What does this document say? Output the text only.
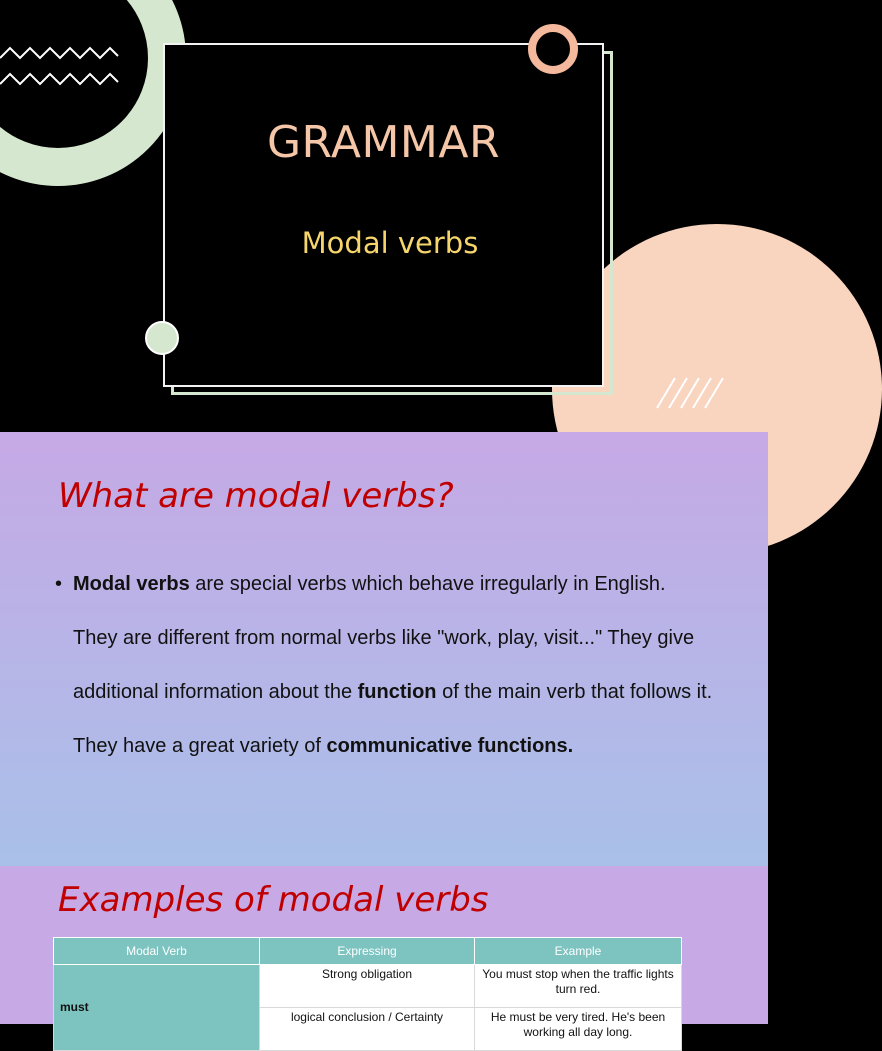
GRAMMAR
Modal verbs
What are modal verbs?
• Modal verbs are special verbs which behave irregularly in English. They are different from normal verbs like "work, play, visit..." They give additional information about the function of the main verb that follows it. They have a great variety of communicative functions.
Examples of modal verbs
Modal Verb	Expressing	Example
must	Strong obligation	You must stop when the traffic lights turn red.
	logical conclusion / Certainty	He must be very tired. He's been working all day long.
